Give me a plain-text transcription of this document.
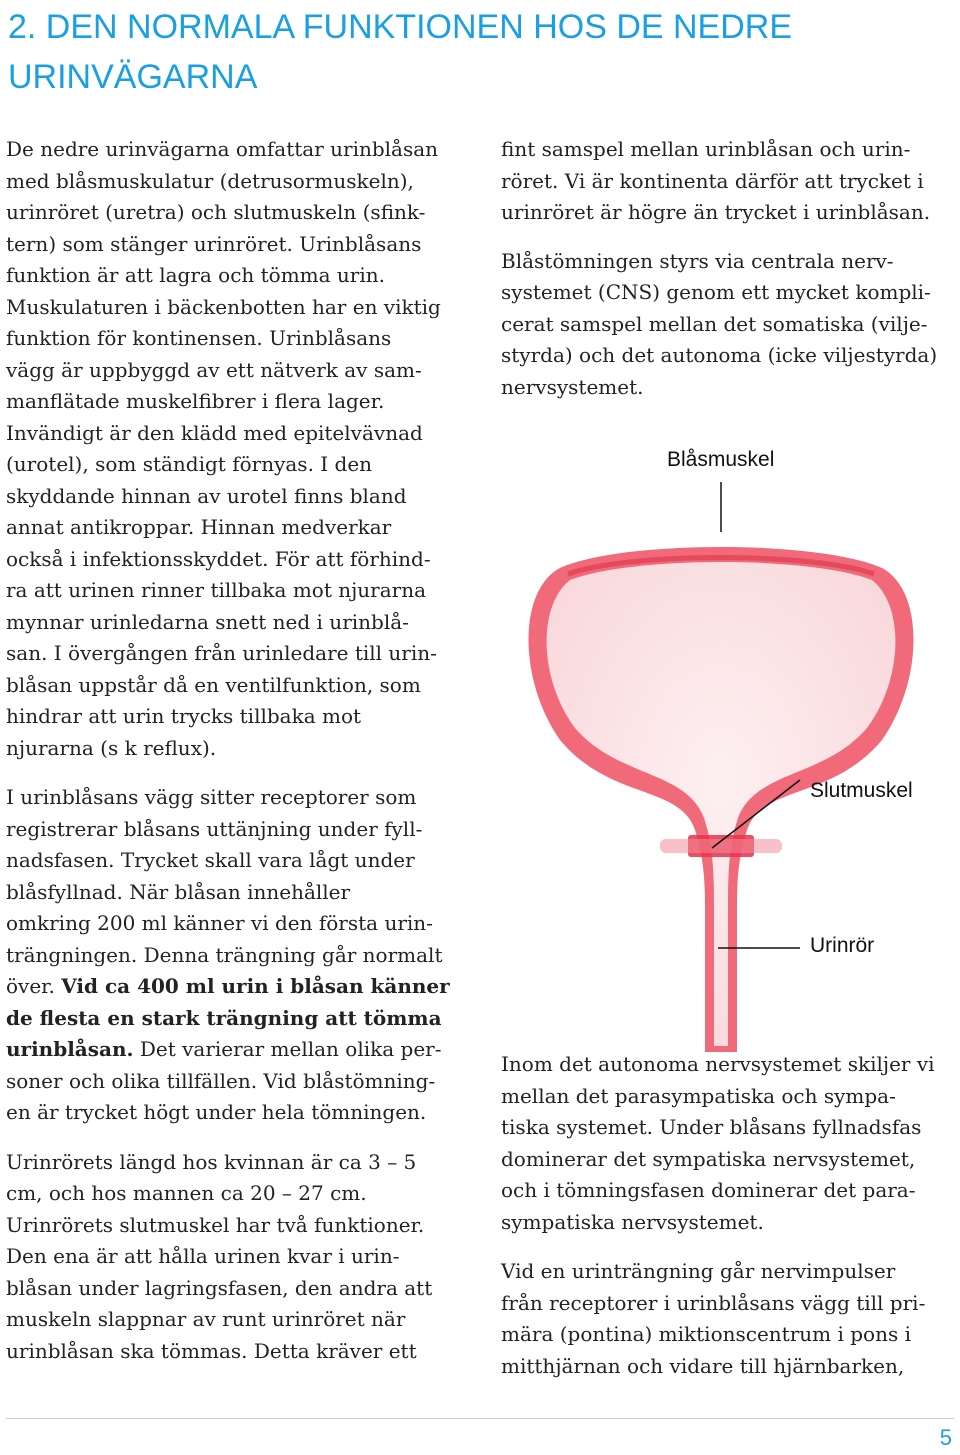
2. DEN NORMALA FUNKTIONEN HOS DE NEDRE
URINVÄGARNA

De nedre urinvägarna omfattar urinblåsan
med blåsmuskulatur (detrusormuskeln),
urinröret (uretra) och slutmuskeln (sfink-
tern) som stänger urinröret. Urinblåsans
funktion är att lagra och tömma urin.
Muskulaturen i bäckenbotten har en viktig
funktion för kontinensen. Urinblåsans
vägg är uppbyggd av ett nätverk av sam-
manflätade muskelfibrer i flera lager.
Invändigt är den klädd med epitelvävnad
(urotel), som ständigt förnyas. I den
skyddande hinnan av urotel finns bland
annat antikroppar. Hinnan medverkar
också i infektionsskyddet. För att förhind-
ra att urinen rinner tillbaka mot njurarna
mynnar urinledarna snett ned i urinblå-
san. I övergången från urinledare till urin-
blåsan uppstår då en ventilfunktion, som
hindrar att urin trycks tillbaka mot
njurarna (s k reflux).

I urinblåsans vägg sitter receptorer som
registrerar blåsans uttänjning under fyll-
nadsfasen. Trycket skall vara lågt under
blåsfyllnad. När blåsan innehåller
omkring 200 ml känner vi den första urin-
trängningen. Denna trängning går normalt
över. Vid ca 400 ml urin i blåsan känner
de flesta en stark trängning att tömma
urinblåsan. Det varierar mellan olika per-
soner och olika tillfällen. Vid blåstömning-
en är trycket högt under hela tömningen.

Urinrörets längd hos kvinnan är ca 3 – 5
cm, och hos mannen ca 20 – 27 cm.
Urinrörets slutmuskel har två funktioner.
Den ena är att hålla urinen kvar i urin-
blåsan under lagringsfasen, den andra att
muskeln slappnar av runt urinröret när
urinblåsan ska tömmas. Detta kräver ett

fint samspel mellan urinblåsan och urin-
röret. Vi är kontinenta därför att trycket i
urinröret är högre än trycket i urinblåsan.

Blåstömningen styrs via centrala nerv-
systemet (CNS) genom ett mycket kompli-
cerat samspel mellan det somatiska (vilje-
styrda) och det autonoma (icke viljestyrda)
nervsystemet.

Blåsmuskel
Slutmuskel
Urinrör

Inom det autonoma nervsystemet skiljer vi
mellan det parasympatiska och sympa-
tiska systemet. Under blåsans fyllnadsfas
dominerar det sympatiska nervsystemet,
och i tömningsfasen dominerar det para-
sympatiska nervsystemet.

Vid en urinträngning går nervimpulser
från receptorer i urinblåsans vägg till pri-
mära (pontina) miktionscentrum i pons i
mitthjärnan och vidare till hjärnbarken,

5
